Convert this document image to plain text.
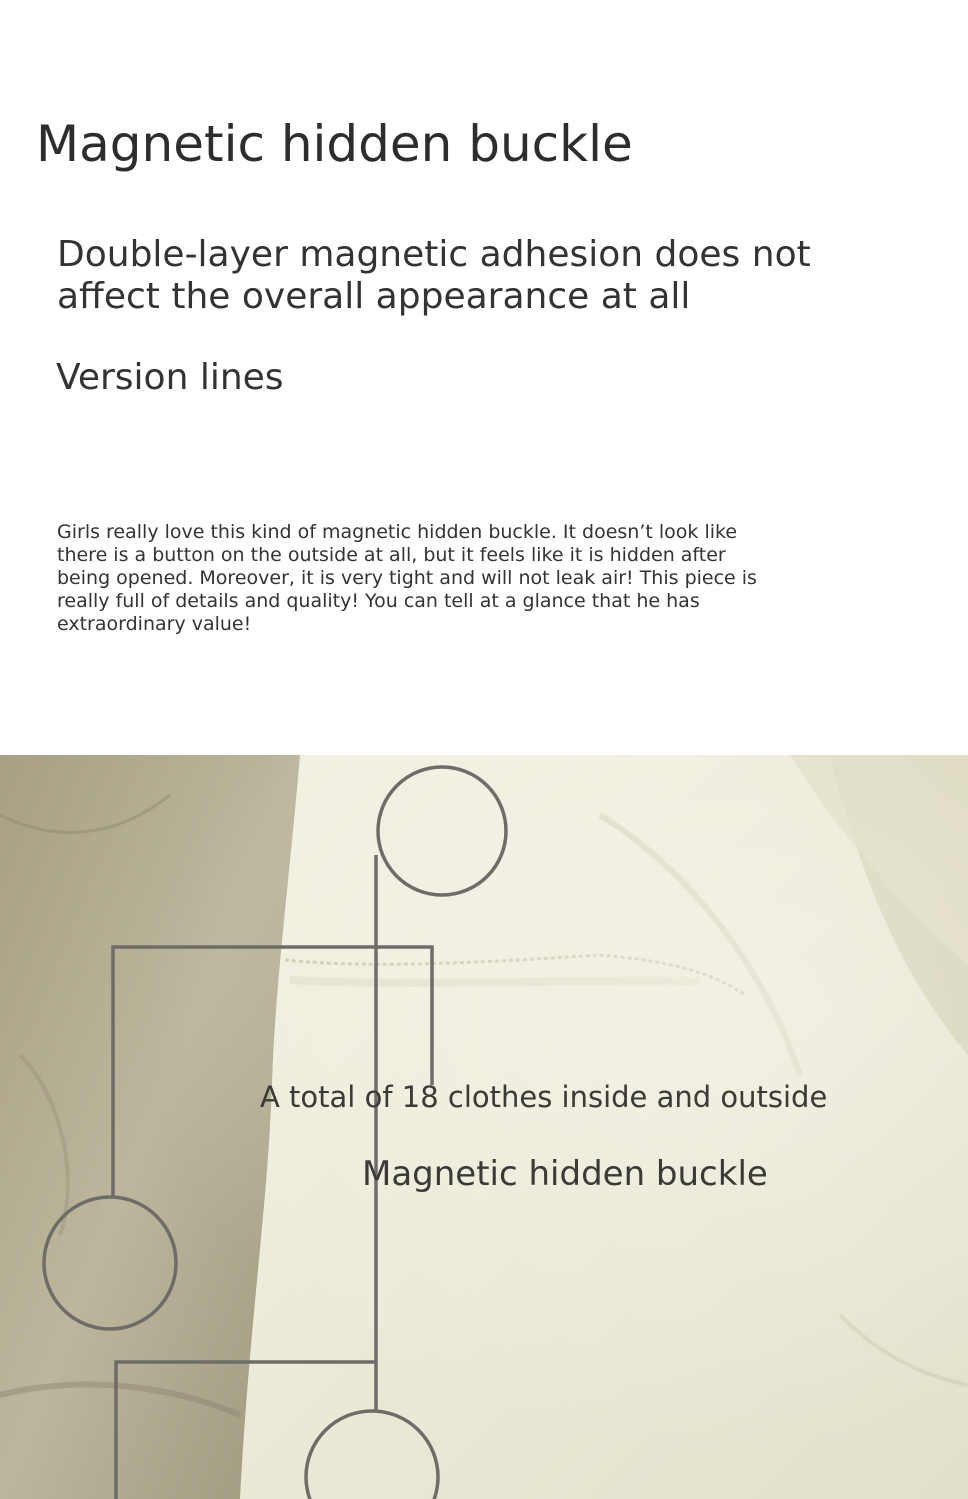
Magnetic hidden buckle

Double-layer magnetic adhesion does not affect the overall appearance at all

Version lines

Girls really love this kind of magnetic hidden buckle. It doesn’t look like there is a button on the outside at all, but it feels like it is hidden after being opened. Moreover, it is very tight and will not leak air! This piece is really full of details and quality! You can tell at a glance that he has extraordinary value!

A total of 18 clothes inside and outside

Magnetic hidden buckle
